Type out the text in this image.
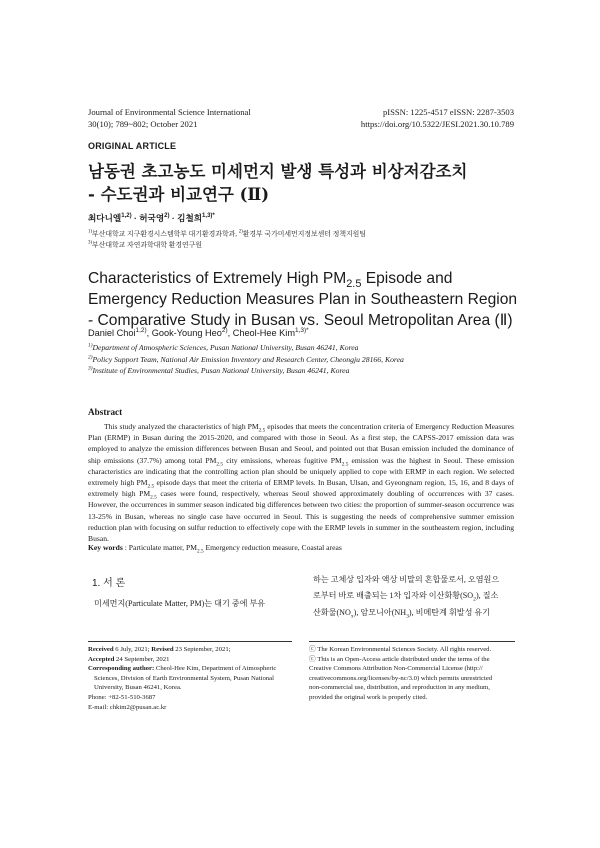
Journal of Environmental Science International
30(10); 789~802; October 2021
pISSN: 1225-4517 eISSN: 2287-3503
https://doi.org/10.5322/JESI.2021.30.10.789
ORIGINAL ARTICLE
남동권 초고농도 미세먼지 발생 특성과 비상저감조치
- 수도권과 비교연구 (Ⅱ)
최다니엘$^{1,2)}$ · 허국영$^{2)}$ · 김철희$^{1,3)*}$
$^{1)}$부산대학교 지구환경시스템학부 대기환경과학과, $^{2)}$환경부 국가미세먼지정보센터 정책지원팀
$^{3)}$부산대학교 자연과학대학 환경연구원
Characteristics of Extremely High $PM_{2.5}$ Episode and
Emergency Reduction Measures Plan in Southeastern Region
- Comparative Study in Busan vs. Seoul Metropolitan Area (Ⅱ)
Daniel Choi$^{1,2)}$, Gook-Young Heo$^{2)}$, Cheol-Hee Kim$^{1,3)*}$
$^{1)}$Department of Atmospheric Sciences, Pusan National University, Busan 46241, Korea
$^{2)}$Policy Support Team, National Air Emission Inventory and Research Center, Cheongju 28166, Korea
$^{3)}$Institute of Environmental Studies, Pusan National University, Busan 46241, Korea
Abstract
This study analyzed the characteristics of high $PM_{2.5}$ episodes that meets the concentration criteria of Emergency Reduction Measures Plan (ERMP) in Busan during the 2015-2020, and compared with those in Seoul. As a first step, the CAPSS-2017 emission data was employed to analyze the emission differences between Busan and Seoul, and pointed out that Busan emission included the dominance of ship emissions (37.7%) among total $PM_{2.5}$ city emissions, whereas fugitive $PM_{2.5}$ emission was the highest in Seoul. These emission characteristics are indicating that the controlling action plan should be uniquely applied to cope with ERMP in each region. We selected extremely high $PM_{2.5}$ episode days that meet the criteria of ERMP levels. In Busan, Ulsan, and Gyeongnam region, 15, 16, and 8 days of extremely high $PM_{2.5}$ cases were found, respectively, whereas Seoul showed approximately doubling of occurrences with 37 cases. However, the occurrences in summer season indicated big differences between two cities: the proportion of summer-season occurrence was 13-25% in Busan, whereas no single case have occurred in Seoul. This is suggesting the needs of comprehensive summer emission reduction plan with focusing on sulfur reduction to effectively cope with the ERMP levels in summer in the southeastern region, including Busan.
Key words : Particulate matter, $PM_{2.5}$ Emergency reduction measure, Coastal areas
1. 서 론
미세먼지(Particulate Matter, PM)는 대기 중에 부유
하는 고체상 입자와 액상 비말의 혼합물로서, 오염원으
로부터 바로 배출되는 1차 입자와 이산화황$(SO_2)$, 질소
산화물$(NO_x)$, 암모니아$(NH_3)$, 비메탄계 휘발성 유기
Received 6 July, 2021; Revised 23 September, 2021;
Accepted 24 September, 2021
Corresponding author: Cheol-Hee Kim, Department of Atmospheric
Sciences, Division of Earth Environmental System, Pusan National
University, Busan 46241, Korea.
Phone: +82-51-510-3687
E-mail: chkim2@pusan.ac.kr
ⓒ The Korean Environmental Sciences Society. All rights reserved.
ⓒ This is an Open-Access article distributed under the terms of the
Creative Commons Attribution Non-Commercial License (http://
creativecommons.org/licenses/by-nc/3.0) which permits unrestricted
non-commercial use, distribution, and reproduction in any medium,
provided the original work is properly cited.
